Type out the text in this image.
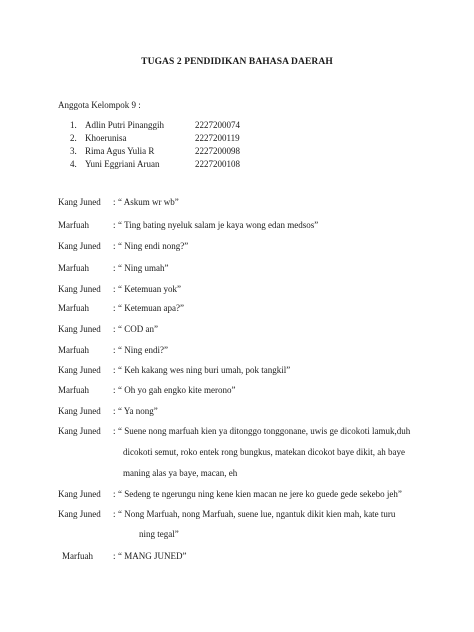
TUGAS 2 PENDIDIKAN BAHASA DAERAH
Anggota Kelompok 9 :
1. Adlin Putri Pinanggih	2227200074
2. Khoerunisa	2227200119
3. Rima Agus Yulia R	2227200098
4. Yuni Eggriani Aruan	2227200108
Kang Juned : “ Askum wr wb”
Marfuah	: “ Ting bating nyeluk salam je kaya wong edan medsos”
Kang Juned : “ Ning endi nong?”
Marfuah	: “ Ning umah”
Kang Juned : “ Ketemuan yok”
Marfuah	: “ Ketemuan apa?”
Kang Juned : “ COD an”
Marfuah	: “ Ning endi?”
Kang Juned : “ Keh kakang wes ning buri umah, pok tangkil”
Marfuah	: “ Oh yo gah engko kite merono”
Kang Juned : “ Ya nong”
Kang Juned : “ Suene nong marfuah kien ya ditonggo tonggonane, uwis ge dicokoti lamuk,duh
dicokoti semut, roko entek rong bungkus, matekan dicokot baye dikit, ah baye
maning alas ya baye, macan, eh
Kang Juned : “ Sedeng te ngerungu ning kene kien macan ne jere ko guede gede sekebo jeh”
Kang Juned : “ Nong Marfuah, nong Marfuah, suene lue, ngantuk dikit kien mah, kate turu
ning tegal”
Marfuah : “ MANG JUNED”
